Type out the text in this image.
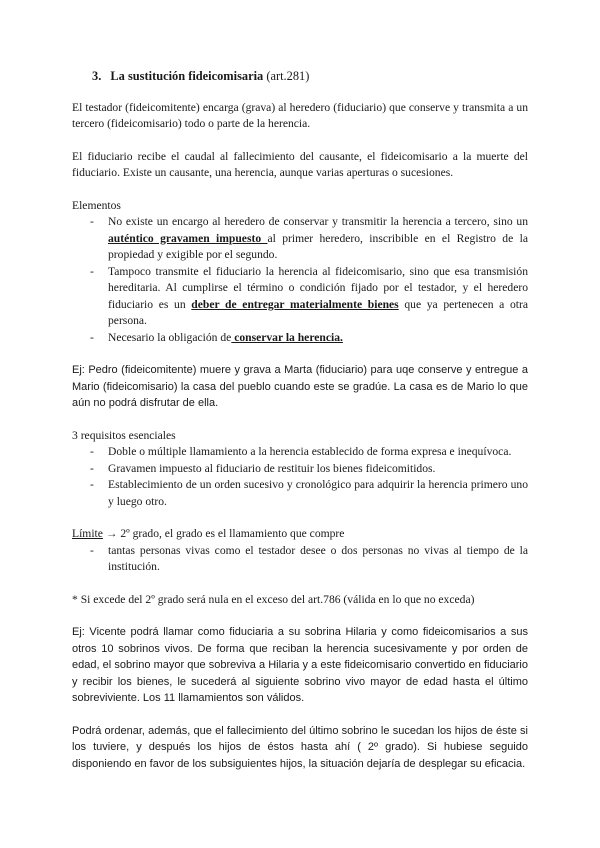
3. La sustitución fideicomisaria (art.281)

El testador (fideicomitente) encarga (grava) al heredero (fiduciario) que conserve y transmita a un tercero (fideicomisario) todo o parte de la herencia.

El fiduciario recibe el caudal al fallecimiento del causante, el fideicomisario a la muerte del fiduciario. Existe un causante, una herencia, aunque varias aperturas o sucesiones.

Elementos

- No existe un encargo al heredero de conservar y transmitir la herencia a tercero, sino un auténtico gravamen impuesto al primer heredero, inscribible en el Registro de la propiedad y exigible por el segundo.
- Tampoco transmite el fiduciario la herencia al fideicomisario, sino que esa transmisión hereditaria. Al cumplirse el término o condición fijado por el testador, y el heredero fiduciario es un deber de entregar materialmente bienes que ya pertenecen a otra persona.
- Necesario la obligación de conservar la herencia.

Ej: Pedro (fideicomitente) muere y grava a Marta (fiduciario) para uqe conserve y entregue a Mario (fideicomisario) la casa del pueblo cuando este se gradúe. La casa es de Mario lo que aún no podrá disfrutar de ella.

3 requisitos esenciales

- Doble o múltiple llamamiento a la herencia establecido de forma expresa e inequívoca.
- Gravamen impuesto al fiduciario de restituir los bienes fideicomitidos.
- Establecimiento de un orden sucesivo y cronológico para adquirir la herencia primero uno y luego otro.

Límite → 2º grado, el grado es el llamamiento que compre

- tantas personas vivas como el testador desee o dos personas no vivas al tiempo de la institución.

* Si excede del 2º grado será nula en el exceso del art.786 (válida en lo que no exceda)

Ej: Vicente podrá llamar como fiduciaria a su sobrina Hilaria y como fideicomisarios a sus otros 10 sobrinos vivos. De forma que reciban la herencia sucesivamente y por orden de edad, el sobrino mayor que sobreviva a Hilaria y a este fideicomisario convertido en fiduciario y recibir los bienes, le sucederá al siguiente sobrino vivo mayor de edad hasta el último sobreviviente. Los 11 llamamientos son válidos.

Podrá ordenar, además, que el fallecimiento del último sobrino le sucedan los hijos de éste si los tuviere, y después los hijos de éstos hasta ahí ( 2º grado). Si hubiese seguido disponiendo en favor de los subsiguientes hijos, la situación dejaría de desplegar su eficacia.
